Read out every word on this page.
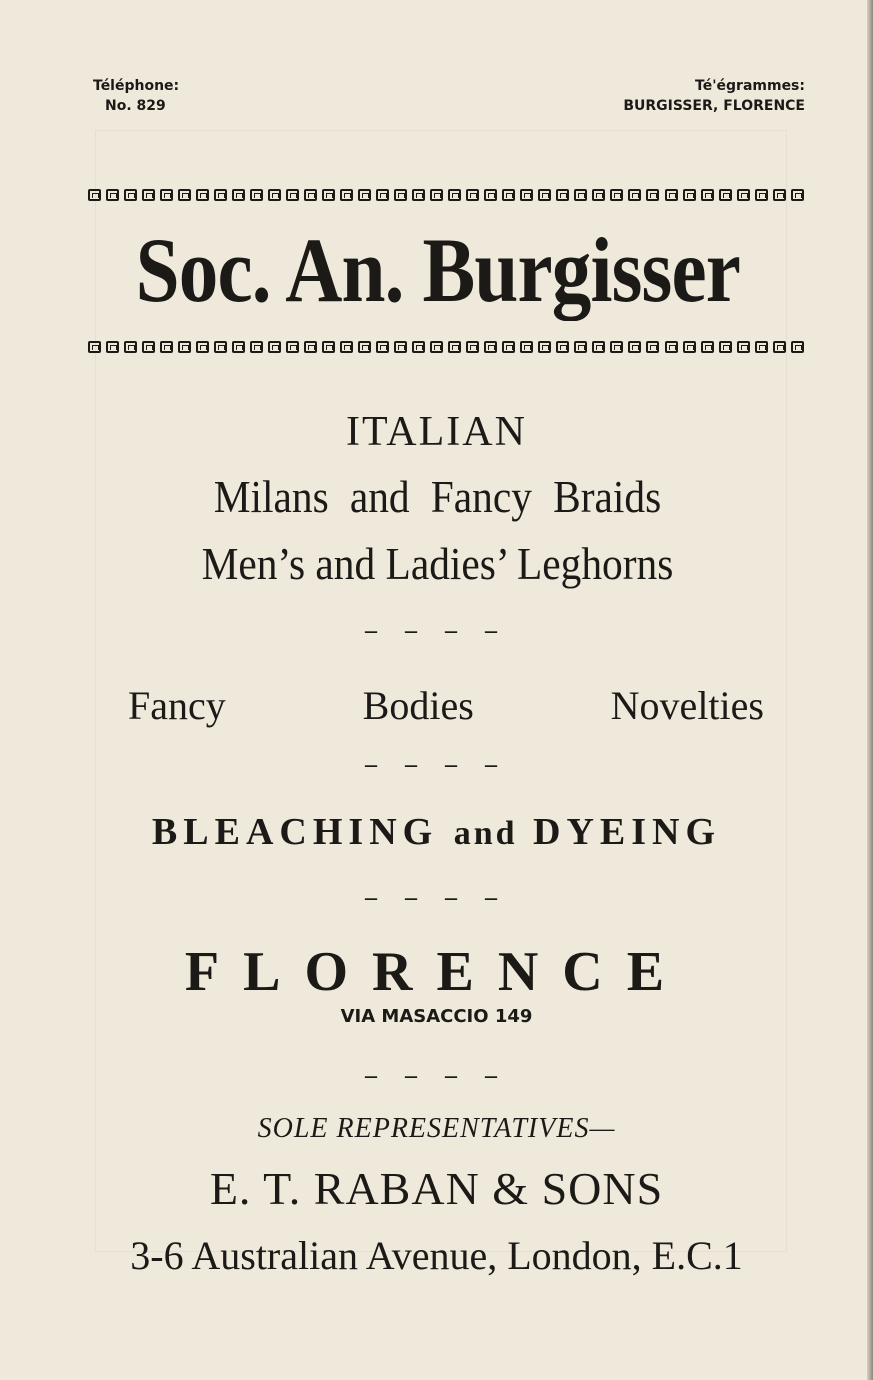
Téléphone:
No. 829
Té'égrammes:
BURGISSER, FLORENCE
Soc. An. Burgisser
ITALIAN
Milans and Fancy Braids
Men’s and Ladies’ Leghorns
– – – –
Fancy	Bodies	Novelties
– – – –
BLEACHING and DYEING
– – – –
FLORENCE
VIA MASACCIO 149
– – – –
SOLE REPRESENTATIVES—
E. T. RABAN & SONS
3-6 Australian Avenue, London, E.C.1
